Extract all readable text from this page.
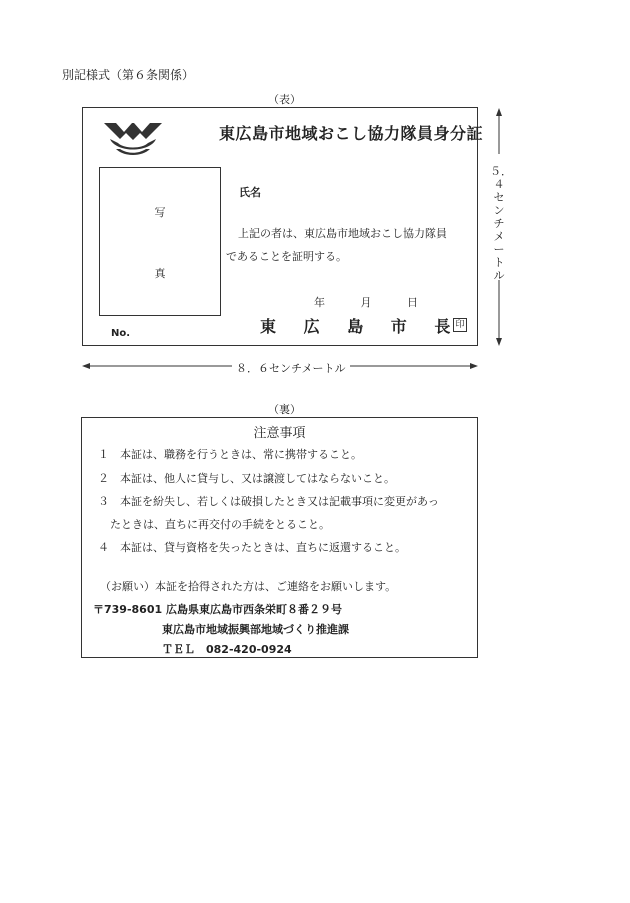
別記様式（第６条関係）
（表）
東広島市地域おこし協力隊員身分証
写
真
氏名
上記の者は、東広島市地域おこし協力隊員
であることを証明する。
年	月	日
No.	東 広 島 市 長 印
５．４センチメートル
８．６センチメートル
（裏）
注意事項
１ 本証は、職務を行うときは、常に携帯すること。
２ 本証は、他人に貸与し、又は譲渡してはならないこと。
３ 本証を紛失し、若しくは破損したとき又は記載事項に変更があっ
たときは、直ちに再交付の手続をとること。
４ 本証は、貸与資格を失ったときは、直ちに返還すること。
（お願い）本証を拾得された方は、ご連絡をお願いします。
〒739-8601 広島県東広島市西条栄町８番２９号
東広島市地域振興部地域づくり推進課
ＴＥＬ　082-420-0924
